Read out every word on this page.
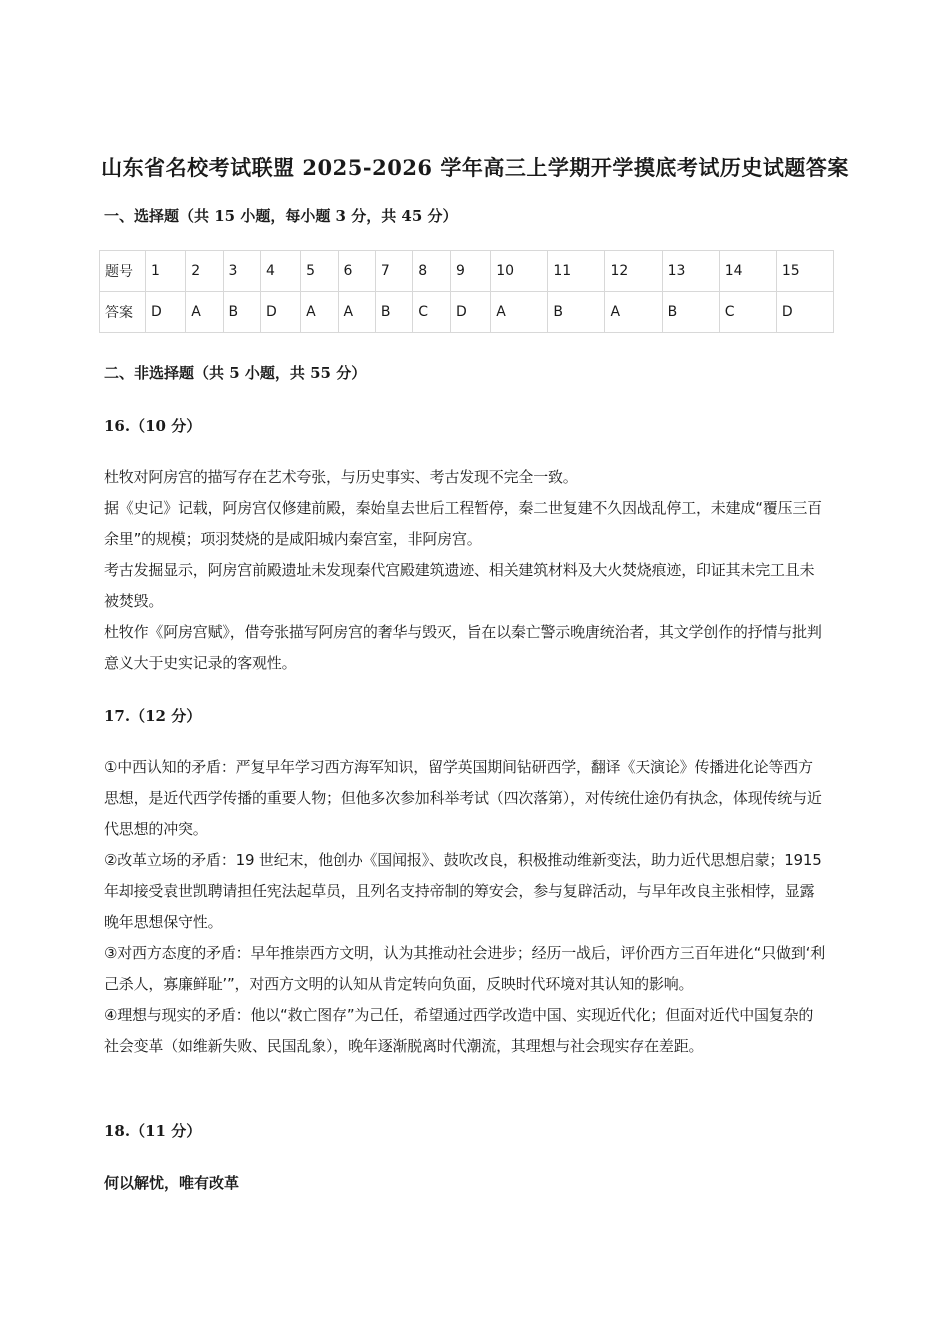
山东省名校考试联盟 2025-2026 学年高三上学期开学摸底考试历史试题答案
一、选择题（共 15 小题，每小题 3 分，共 45 分）
题号	1	2	3	4	5	6	7	8	9	10	11	12	13	14	15
答案	D	A	B	D	A	A	B	C	D	A	B	A	B	C	D
二、非选择题（共 5 小题，共 55 分）
16.（10 分）

杜牧对阿房宫的描写存在艺术夸张，与历史事实、考古发现不完全一致。

据《史记》记载，阿房宫仅修建前殿，秦始皇去世后工程暂停，秦二世复建不久因战乱停工，未建成“覆压三百余里”的规模；项羽焚烧的是咸阳城内秦宫室，非阿房宫。

考古发掘显示，阿房宫前殿遗址未发现秦代宫殿建筑遗迹、相关建筑材料及大火焚烧痕迹，印证其未完工且未被焚毁。

杜牧作《阿房宫赋》，借夸张描写阿房宫的奢华与毁灭，旨在以秦亡警示晚唐统治者，其文学创作的抒情与批判意义大于史实记录的客观性。

17.（12 分）

①中西认知的矛盾：严复早年学习西方海军知识，留学英国期间钻研西学，翻译《天演论》传播进化论等西方思想，是近代西学传播的重要人物；但他多次参加科举考试（四次落第），对传统仕途仍有执念，体现传统与近代思想的冲突。

②改革立场的矛盾：19 世纪末，他创办《国闻报》、鼓吹改良，积极推动维新变法，助力近代思想启蒙；1915 年却接受袁世凯聘请担任宪法起草员，且列名支持帝制的筹安会，参与复辟活动，与早年改良主张相悖，显露晚年思想保守性。

③对西方态度的矛盾：早年推崇西方文明，认为其推动社会进步；经历一战后，评价西方三百年进化“只做到‘利己杀人，寡廉鲜耻’”，对西方文明的认知从肯定转向负面，反映时代环境对其认知的影响。

④理想与现实的矛盾：他以“救亡图存”为己任，希望通过西学改造中国、实现近代化；但面对近代中国复杂的社会变革（如维新失败、民国乱象），晚年逐渐脱离时代潮流，其理想与社会现实存在差距。

18.（11 分）
何以解忧，唯有改革
